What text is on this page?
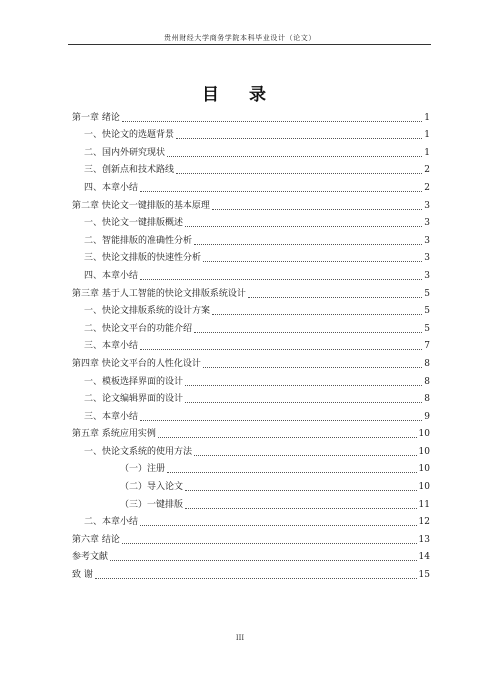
贵州财经大学商务学院本科毕业设计（论文）
目 录
第一章 绪论	1
一、快论文的选题背景	1
二、国内外研究现状	1
三、创新点和技术路线	2
四、本章小结	2
第二章 快论文一键排版的基本原理	3
一、快论文一键排版概述	3
二、智能排版的准确性分析	3
三、快论文排版的快速性分析	3
四、本章小结	3
第三章 基于人工智能的快论文排版系统设计	5
一、快论文排版系统的设计方案	5
二、快论文平台的功能介绍	5
三、本章小结	7
第四章 快论文平台的人性化设计	8
一、模板选择界面的设计	8
二、论文编辑界面的设计	8
三、本章小结	9
第五章 系统应用实例	10
一、快论文系统的使用方法	10
（一）注册	10
（二）导入论文	10
（三）一键排版	11
二、本章小结	12
第六章 结论	13
参考文献	14
致 谢	15
III
